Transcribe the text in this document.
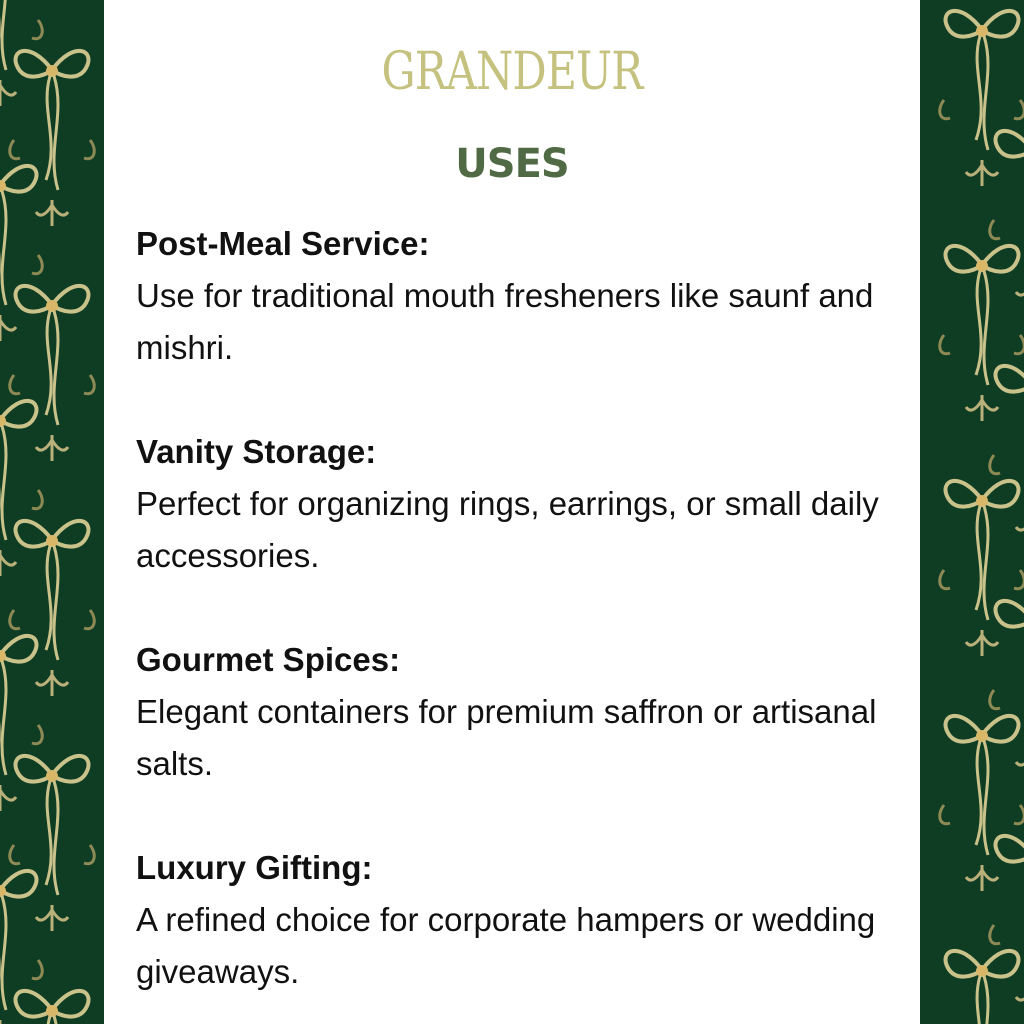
GRANDEUR
USES

Post-Meal Service:

Use for traditional mouth fresheners like saunf and mishri.

Vanity Storage:

Perfect for organizing rings, earrings, or small daily accessories.

Gourmet Spices:

Elegant containers for premium saffron or artisanal salts.

Luxury Gifting:

A refined choice for corporate hampers or wedding giveaways.
